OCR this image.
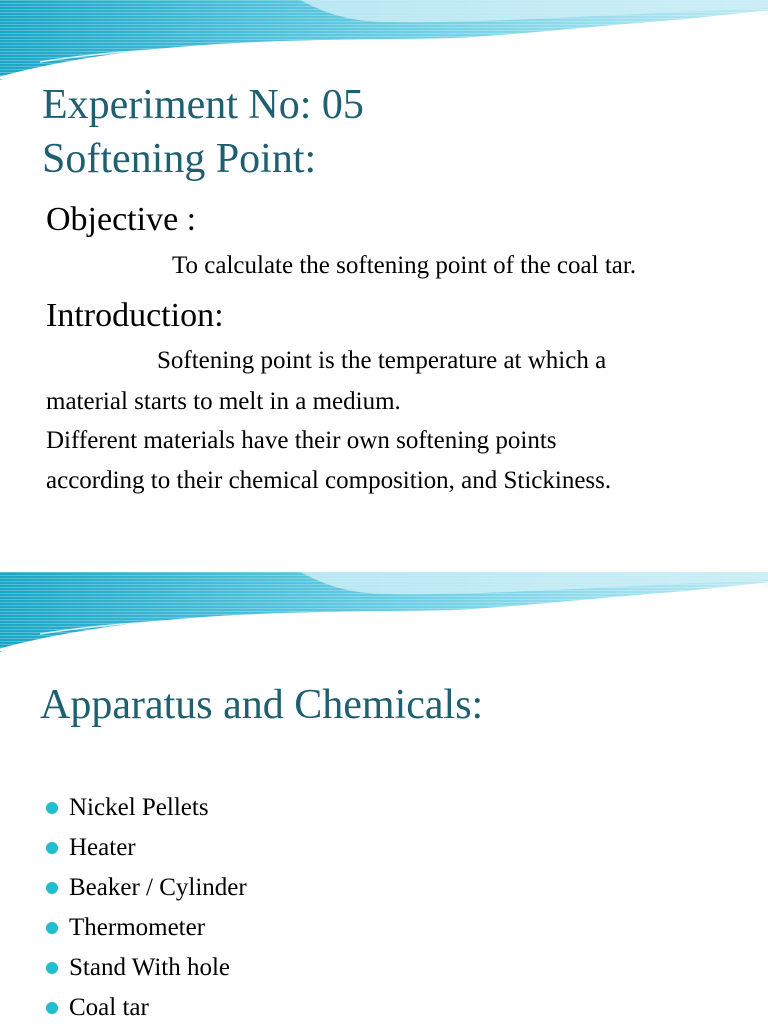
Experiment No: 05
Softening Point:
Objective :
To calculate the softening point of the coal tar.
Introduction:
Softening point is the temperature at which a
material starts to melt in a medium.
Different materials have their own softening points
according to their chemical composition, and Stickiness.
Apparatus and Chemicals:
Nickel Pellets
Heater
Beaker / Cylinder
Thermometer
Stand With hole
Coal tar
